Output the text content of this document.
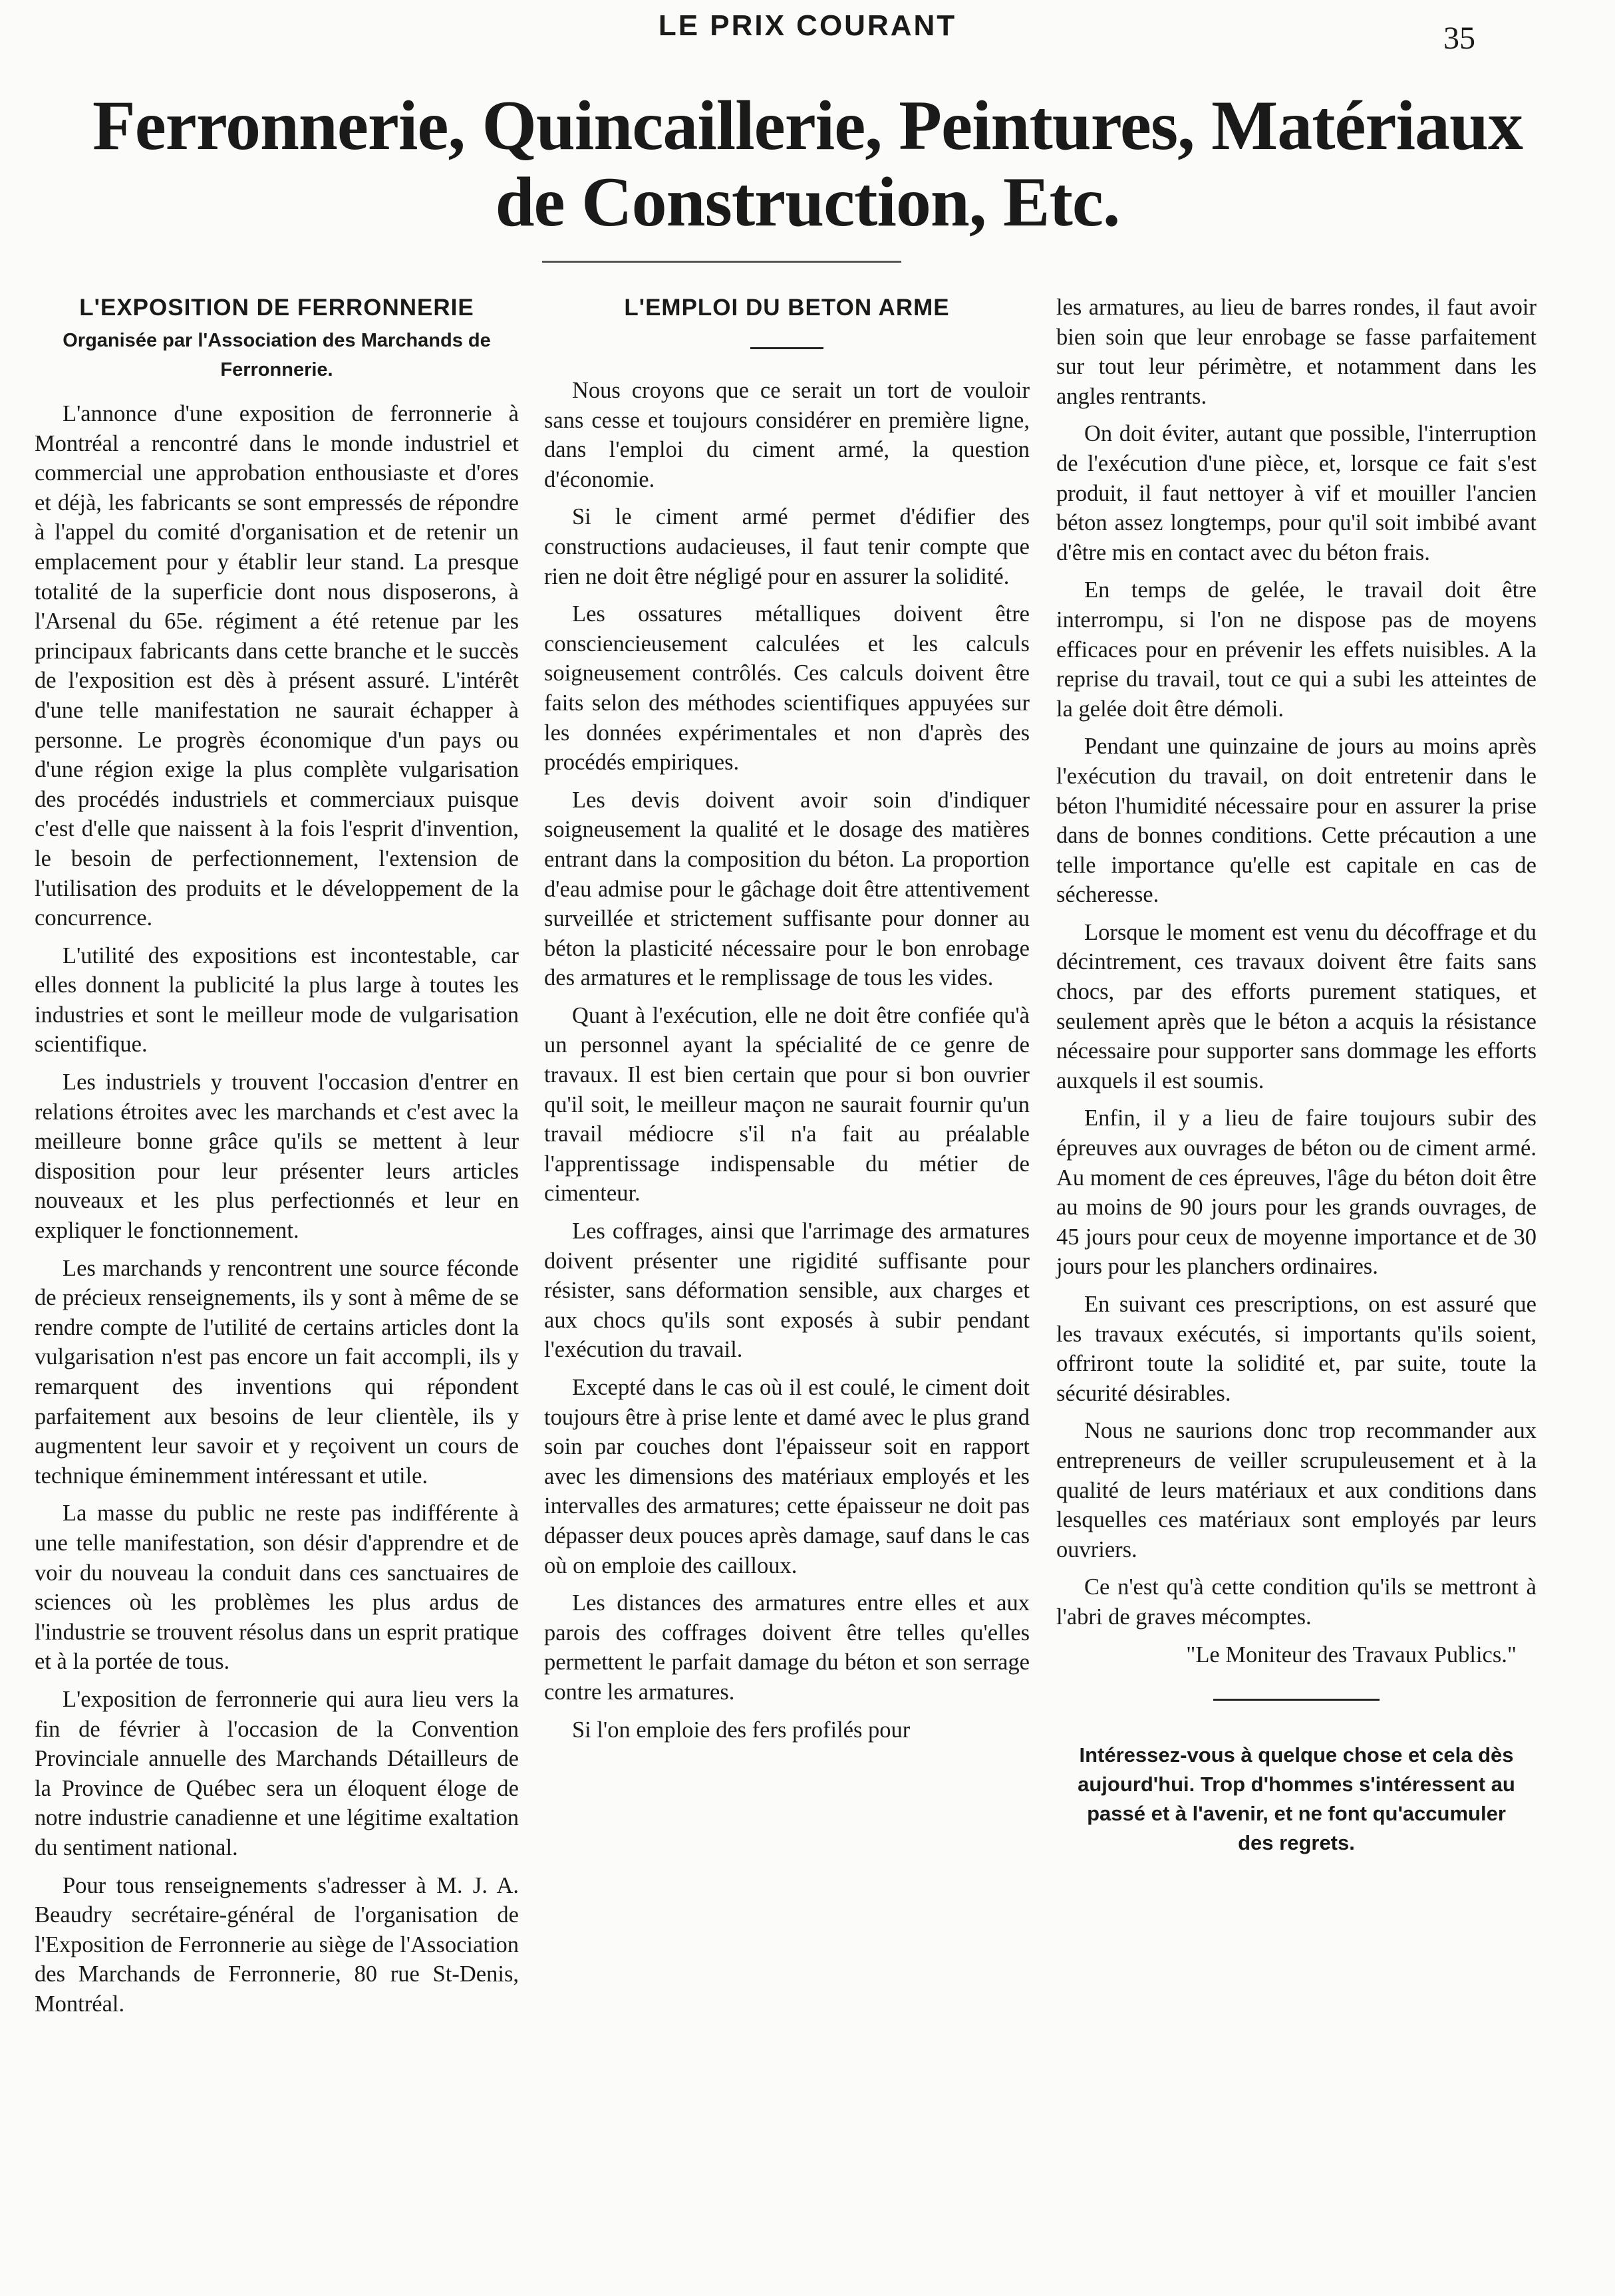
LE PRIX COURANT	35
Ferronnerie, Quincaillerie, Peintures, Matériaux
de Construction, Etc.
L'EXPOSITION DE FERRONNERIE
Organisée par l'Association des Marchands de Ferronnerie.

L'annonce d'une exposition de ferronnerie à Montréal a rencontré dans le monde industriel et commercial une approbation enthousiaste et d'ores et déjà, les fabricants se sont empressés de répondre à l'appel du comité d'organisation et de retenir un emplacement pour y établir leur stand. La presque totalité de la superficie dont nous disposerons, à l'Arsenal du 65e. régiment a été retenue par les principaux fabricants dans cette branche et le succès de l'exposition est dès à présent assuré. L'intérêt d'une telle manifestation ne saurait échapper à personne. Le progrès économique d'un pays ou d'une région exige la plus complète vulgarisation des procédés industriels et commerciaux puisque c'est d'elle que naissent à la fois l'esprit d'invention, le besoin de perfectionnement, l'extension de l'utilisation des produits et le développement de la concurrence.

L'utilité des expositions est incontestable, car elles donnent la publicité la plus large à toutes les industries et sont le meilleur mode de vulgarisation scientifique.

Les industriels y trouvent l'occasion d'entrer en relations étroites avec les marchands et c'est avec la meilleure bonne grâce qu'ils se mettent à leur disposition pour leur présenter leurs articles nouveaux et les plus perfectionnés et leur en expliquer le fonctionnement.

Les marchands y rencontrent une source féconde de précieux renseignements, ils y sont à même de se rendre compte de l'utilité de certains articles dont la vulgarisation n'est pas encore un fait accompli, ils y remarquent des inventions qui répondent parfaitement aux besoins de leur clientèle, ils y augmentent leur savoir et y reçoivent un cours de technique éminemment intéressant et utile.

La masse du public ne reste pas indifférente à une telle manifestation, son désir d'apprendre et de voir du nouveau la conduit dans ces sanctuaires de sciences où les problèmes les plus ardus de l'industrie se trouvent résolus dans un esprit pratique et à la portée de tous.

L'exposition de ferronnerie qui aura lieu vers la fin de février à l'occasion de la Convention Provinciale annuelle des Marchands Détailleurs de la Province de Québec sera un éloquent éloge de notre industrie canadienne et une légitime exaltation du sentiment national.

Pour tous renseignements s'adresser à M. J. A. Beaudry secrétaire-général de l'organisation de l'Exposition de Ferronnerie au siège de l'Association des Marchands de Ferronnerie, 80 rue St-Denis, Montréal.

L'EMPLOI DU BETON ARME

Nous croyons que ce serait un tort de vouloir sans cesse et toujours considérer en première ligne, dans l'emploi du ciment armé, la question d'économie.

Si le ciment armé permet d'édifier des constructions audacieuses, il faut tenir compte que rien ne doit être négligé pour en assurer la solidité.

Les ossatures métalliques doivent être consciencieusement calculées et les calculs soigneusement contrôlés. Ces calculs doivent être faits selon des méthodes scientifiques appuyées sur les données expérimentales et non d'après des procédés empiriques.

Les devis doivent avoir soin d'indiquer soigneusement la qualité et le dosage des matières entrant dans la composition du béton. La proportion d'eau admise pour le gâchage doit être attentivement surveillée et strictement suffisante pour donner au béton la plasticité nécessaire pour le bon enrobage des armatures et le remplissage de tous les vides.

Quant à l'exécution, elle ne doit être confiée qu'à un personnel ayant la spécialité de ce genre de travaux. Il est bien certain que pour si bon ouvrier qu'il soit, le meilleur maçon ne saurait fournir qu'un travail médiocre s'il n'a fait au préalable l'apprentissage indispensable du métier de cimenteur.

Les coffrages, ainsi que l'arrimage des armatures doivent présenter une rigidité suffisante pour résister, sans déformation sensible, aux charges et aux chocs qu'ils sont exposés à subir pendant l'exécution du travail.

Excepté dans le cas où il est coulé, le ciment doit toujours être à prise lente et damé avec le plus grand soin par couches dont l'épaisseur soit en rapport avec les dimensions des matériaux employés et les intervalles des armatures; cette épaisseur ne doit pas dépasser deux pouces après damage, sauf dans le cas où on emploie des cailloux.

Les distances des armatures entre elles et aux parois des coffrages doivent être telles qu'elles permettent le parfait damage du béton et son serrage contre les armatures.

Si l'on emploie des fers profilés pour

les armatures, au lieu de barres rondes, il faut avoir bien soin que leur enrobage se fasse parfaitement sur tout leur périmètre, et notamment dans les angles rentrants.

On doit éviter, autant que possible, l'interruption de l'exécution d'une pièce, et, lorsque ce fait s'est produit, il faut nettoyer à vif et mouiller l'ancien béton assez longtemps, pour qu'il soit imbibé avant d'être mis en contact avec du béton frais.

En temps de gelée, le travail doit être interrompu, si l'on ne dispose pas de moyens efficaces pour en prévenir les effets nuisibles. A la reprise du travail, tout ce qui a subi les atteintes de la gelée doit être démoli.

Pendant une quinzaine de jours au moins après l'exécution du travail, on doit entretenir dans le béton l'humidité nécessaire pour en assurer la prise dans de bonnes conditions. Cette précaution a une telle importance qu'elle est capitale en cas de sécheresse.

Lorsque le moment est venu du décoffrage et du décintrement, ces travaux doivent être faits sans chocs, par des efforts purement statiques, et seulement après que le béton a acquis la résistance nécessaire pour supporter sans dommage les efforts auxquels il est soumis.

Enfin, il y a lieu de faire toujours subir des épreuves aux ouvrages de béton ou de ciment armé. Au moment de ces épreuves, l'âge du béton doit être au moins de 90 jours pour les grands ouvrages, de 45 jours pour ceux de moyenne importance et de 30 jours pour les planchers ordinaires.

En suivant ces prescriptions, on est assuré que les travaux exécutés, si importants qu'ils soient, offriront toute la solidité et, par suite, toute la sécurité désirables.

Nous ne saurions donc trop recommander aux entrepreneurs de veiller scrupuleusement et à la qualité de leurs matériaux et aux conditions dans lesquelles ces matériaux sont employés par leurs ouvriers.

Ce n'est qu'à cette condition qu'ils se mettront à l'abri de graves mécomptes.

"Le Moniteur des Travaux Publics."

Intéressez-vous à quelque chose et cela dès aujourd'hui. Trop d'hommes s'intéressent au passé et à l'avenir, et ne font qu'accumuler des regrets.
